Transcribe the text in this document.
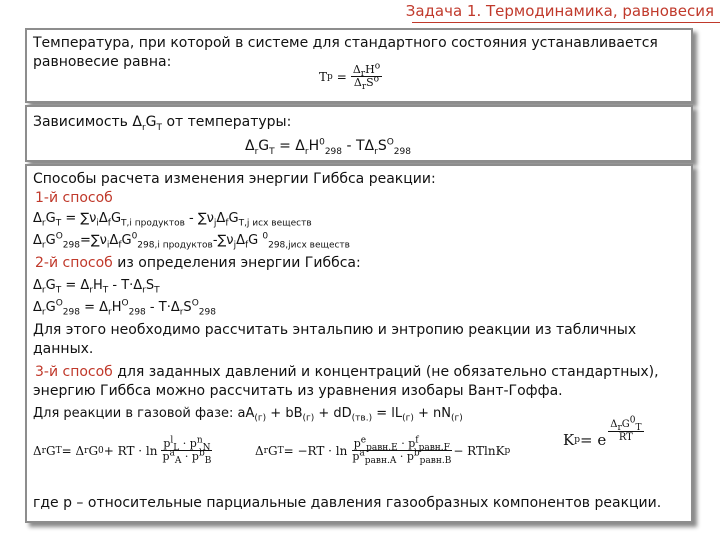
Задача 1. Термодинамика, равновесия
Температура, при которой в системе для стандартного состояния устанавливается
равновесие равна:
T $p = \frac{\Delta_rH^o}{\Delta_rS^o}$
Зависимость $\Delta_rG_T$ от температуры:
$\Delta_rG_T = \Delta_rH^0_{298} - T\Delta_rS^O_{298}$
Способы расчета изменения энергии Гиббса реакции:
1-й способ
$\Delta_rG_T = \sum\nu_i\Delta_fG_{T,i продуктов} - \sum\nu_j\Delta_fG_{T,j исх веществ}$
$\Delta_rG^O_{298}=\sum\nu_i\Delta_fG^0_{298,i продуктов}-\sum\nu_j\Delta_fG$ $^0_{298,jисх веществ}$
2-й способ из определения энергии Гиббса:
$\Delta_rG_T = \Delta_rH_T - T\cdot\Delta_rS_T$
$\Delta_rG^O_{298} = \Delta_rH^O_{298} - T\cdot\Delta_rS^O_{298}$
Для этого необходимо рассчитать энтальпию и энтропию реакции из табличных
данных.
3-й способ для заданных давлений и концентраций (не обязательно стандартных),
энергию Гиббса можно рассчитать из уравнения изобары Вант-Гоффа.
Для реакции в газовой фазе: $aA_{(г)} + bB_{(г)} + dD_{(тв.)} = lL_{(г)} + nN_{(г)}$
Δ r G T = Δ r G 0 + RT · $\ln \frac{p^l_L \cdot p^n_N}{p^a_A \cdot p^b_B}$	Δ r G $T = -RT \cdot \ln \frac{p^e_{равн.E} \cdot p^f_{равн.F}}{p^a_{равн.A} \cdot p^b_{равн.B}} - RTlnK$ p
K p = e $\frac{\Delta_rG^0_T}{RT}$
где p – относительные парциальные давления газообразных компонентов реакции.
